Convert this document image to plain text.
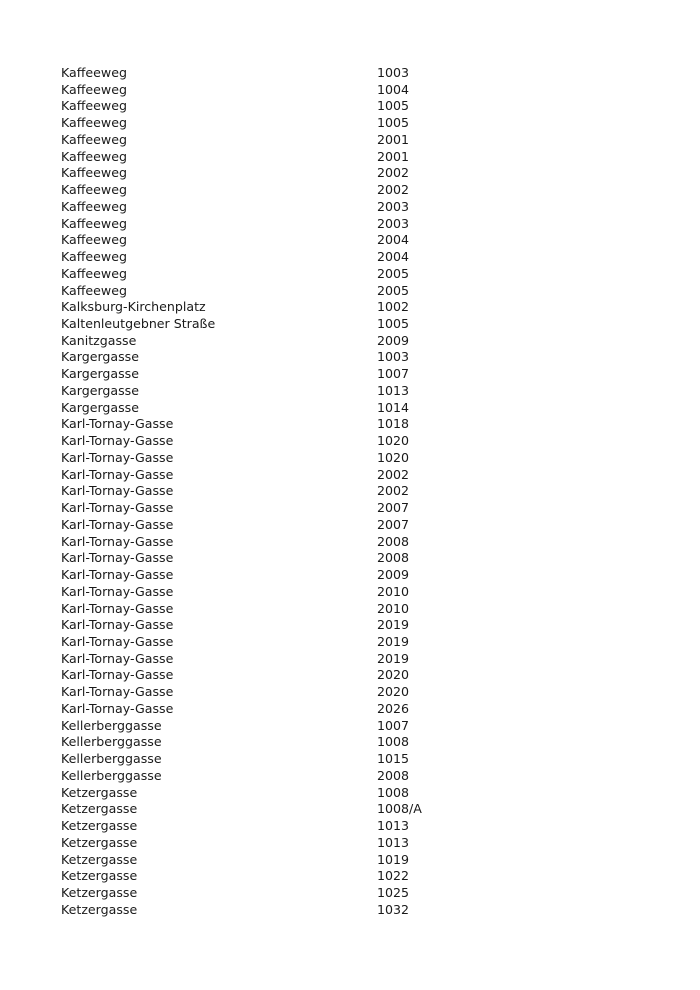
Kaffeeweg	1003
Kaffeeweg	1004
Kaffeeweg	1005
Kaffeeweg	1005
Kaffeeweg	2001
Kaffeeweg	2001
Kaffeeweg	2002
Kaffeeweg	2002
Kaffeeweg	2003
Kaffeeweg	2003
Kaffeeweg	2004
Kaffeeweg	2004
Kaffeeweg	2005
Kaffeeweg	2005
Kalksburg-Kirchenplatz	1002
Kaltenleutgebner Straße	1005
Kanitzgasse	2009
Kargergasse	1003
Kargergasse	1007
Kargergasse	1013
Kargergasse	1014
Karl-Tornay-Gasse	1018
Karl-Tornay-Gasse	1020
Karl-Tornay-Gasse	1020
Karl-Tornay-Gasse	2002
Karl-Tornay-Gasse	2002
Karl-Tornay-Gasse	2007
Karl-Tornay-Gasse	2007
Karl-Tornay-Gasse	2008
Karl-Tornay-Gasse	2008
Karl-Tornay-Gasse	2009
Karl-Tornay-Gasse	2010
Karl-Tornay-Gasse	2010
Karl-Tornay-Gasse	2019
Karl-Tornay-Gasse	2019
Karl-Tornay-Gasse	2019
Karl-Tornay-Gasse	2020
Karl-Tornay-Gasse	2020
Karl-Tornay-Gasse	2026
Kellerberggasse	1007
Kellerberggasse	1008
Kellerberggasse	1015
Kellerberggasse	2008
Ketzergasse	1008
Ketzergasse	1008/A
Ketzergasse	1013
Ketzergasse	1013
Ketzergasse	1019
Ketzergasse	1022
Ketzergasse	1025
Ketzergasse	1032
